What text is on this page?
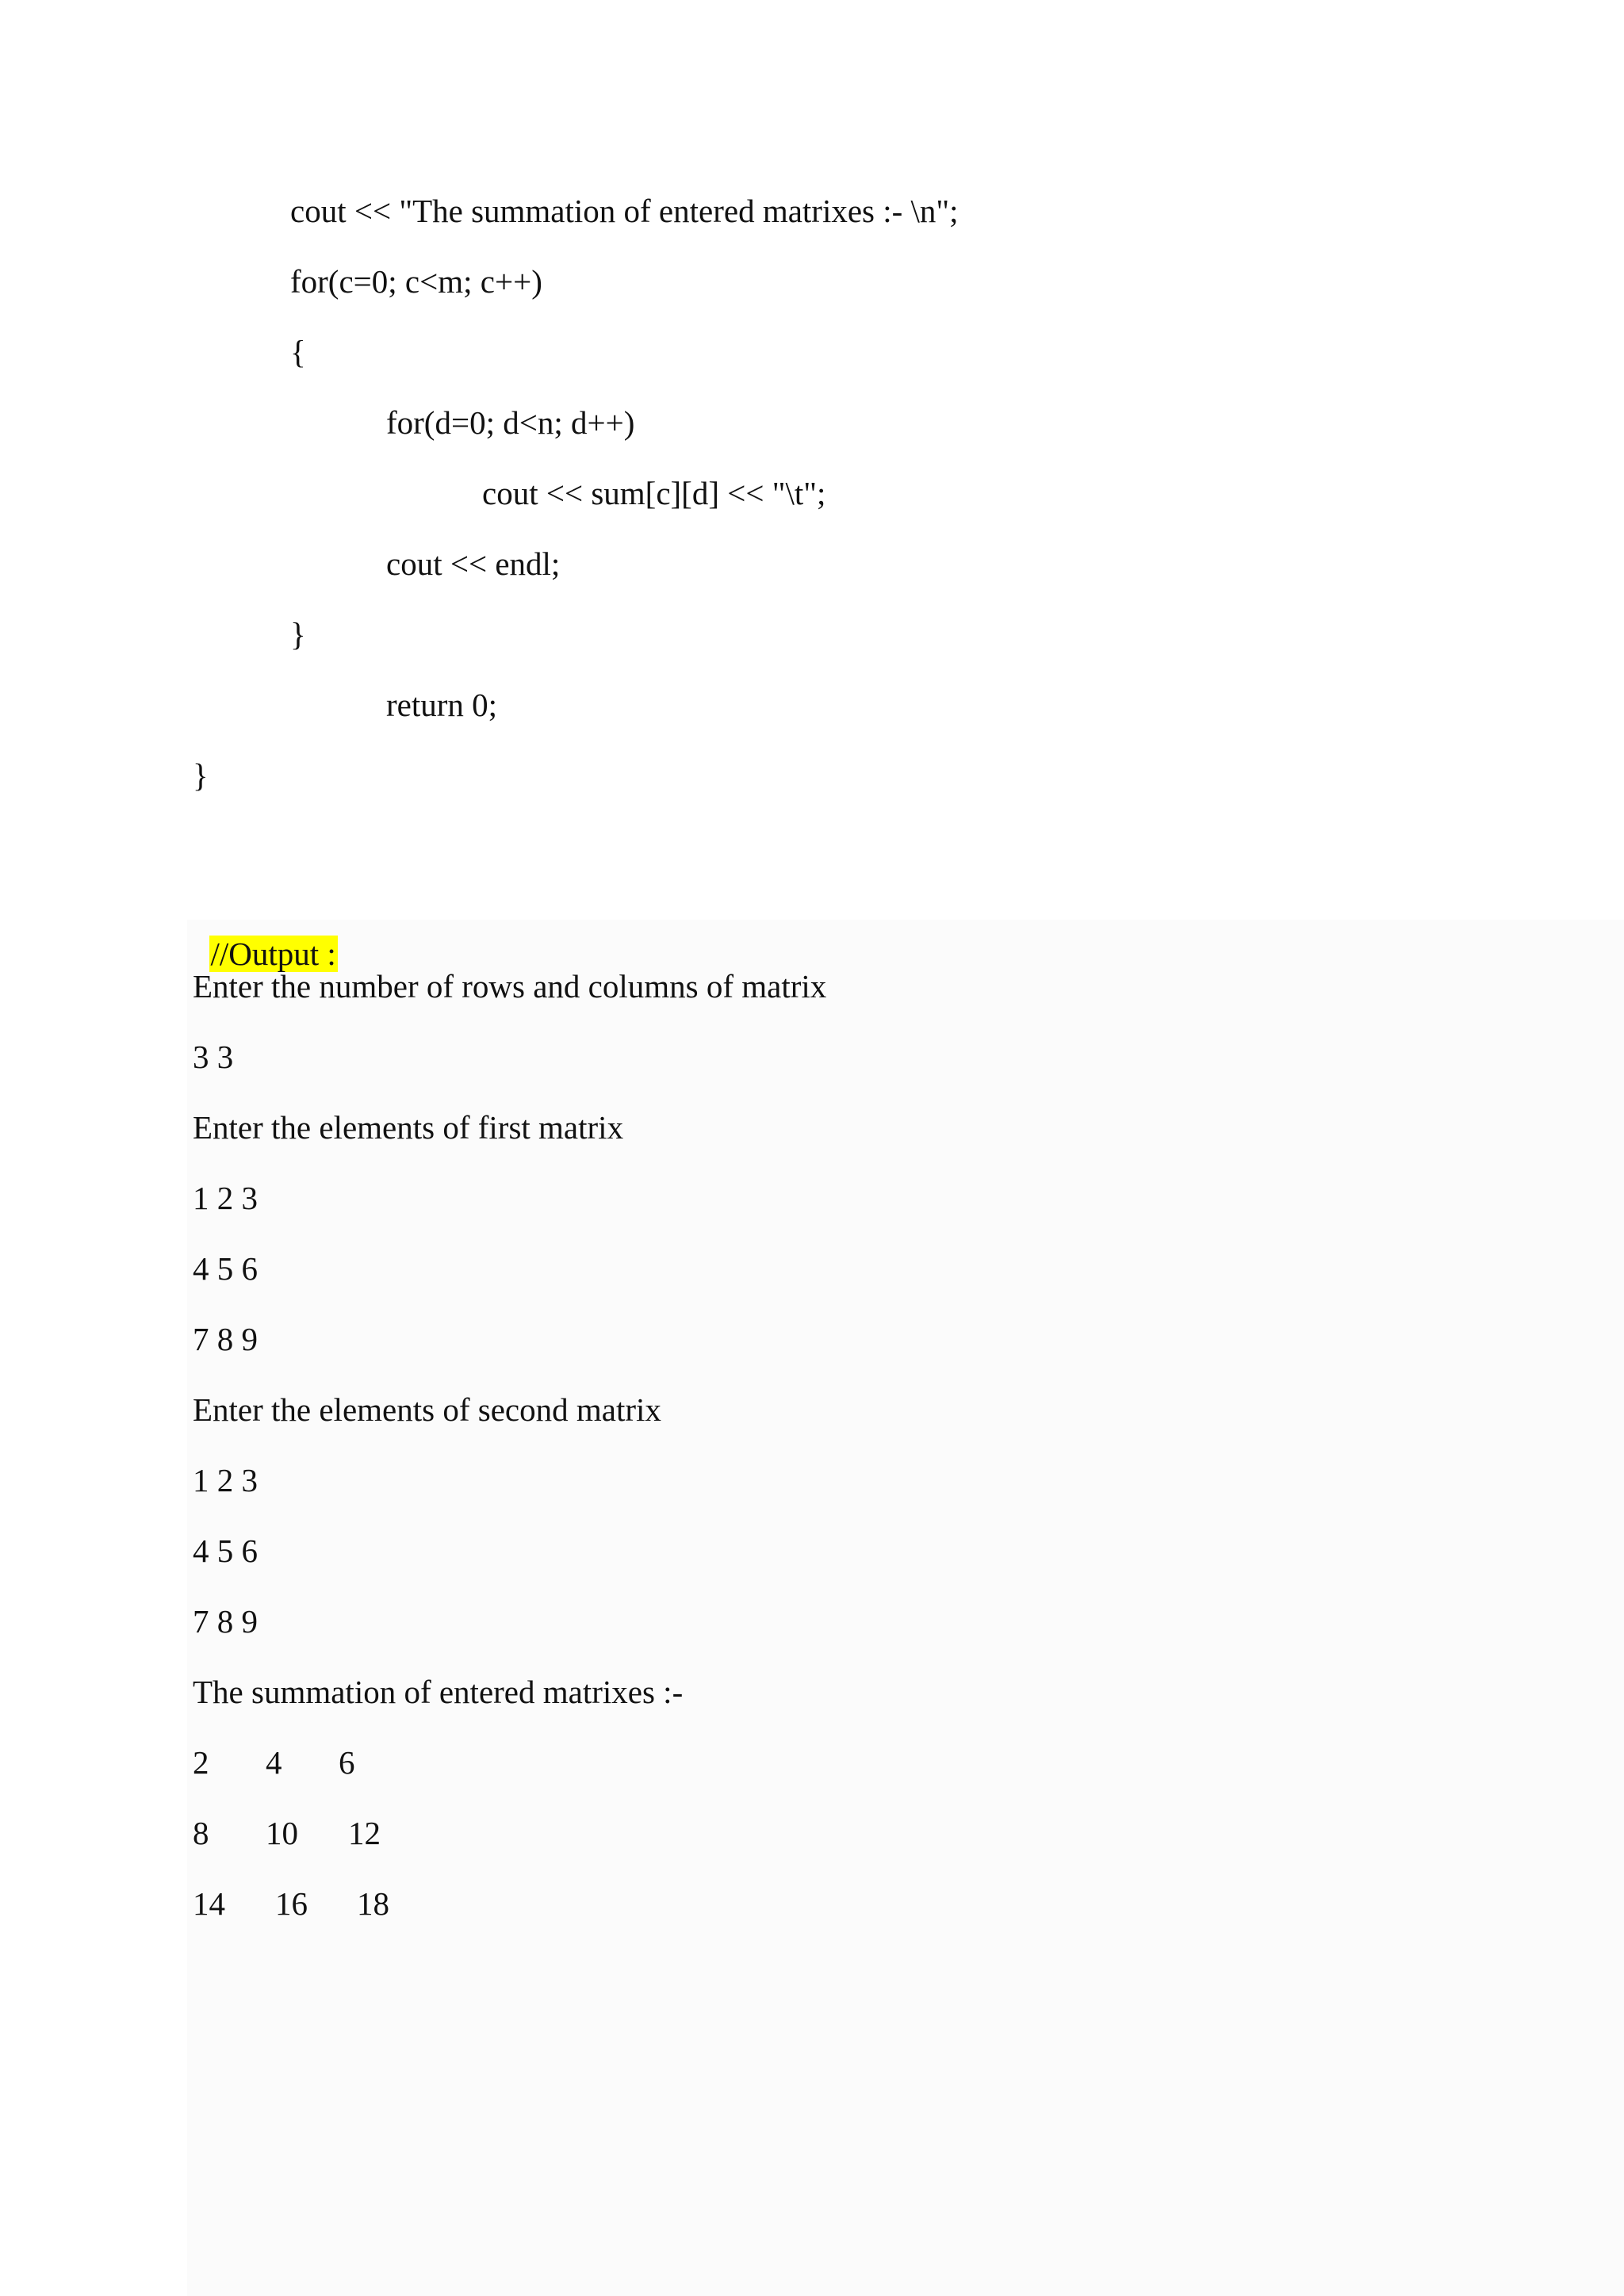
cout << "The summation of entered matrixes :- \n";
for(c=0; c<m; c++)
{
for(d=0; d<n; d++)
cout << sum[c][d] << "\t";
cout << endl;
}
return 0;
}

//Output :

Enter the number of rows and columns of matrix
3 3
Enter the elements of first matrix
1 2 3
4 5 6
7 8 9
Enter the elements of second matrix
1 2 3
4 5 6
7 8 9
The summation of entered matrixes :-
2 4 6
8 10 12
14 16 18
